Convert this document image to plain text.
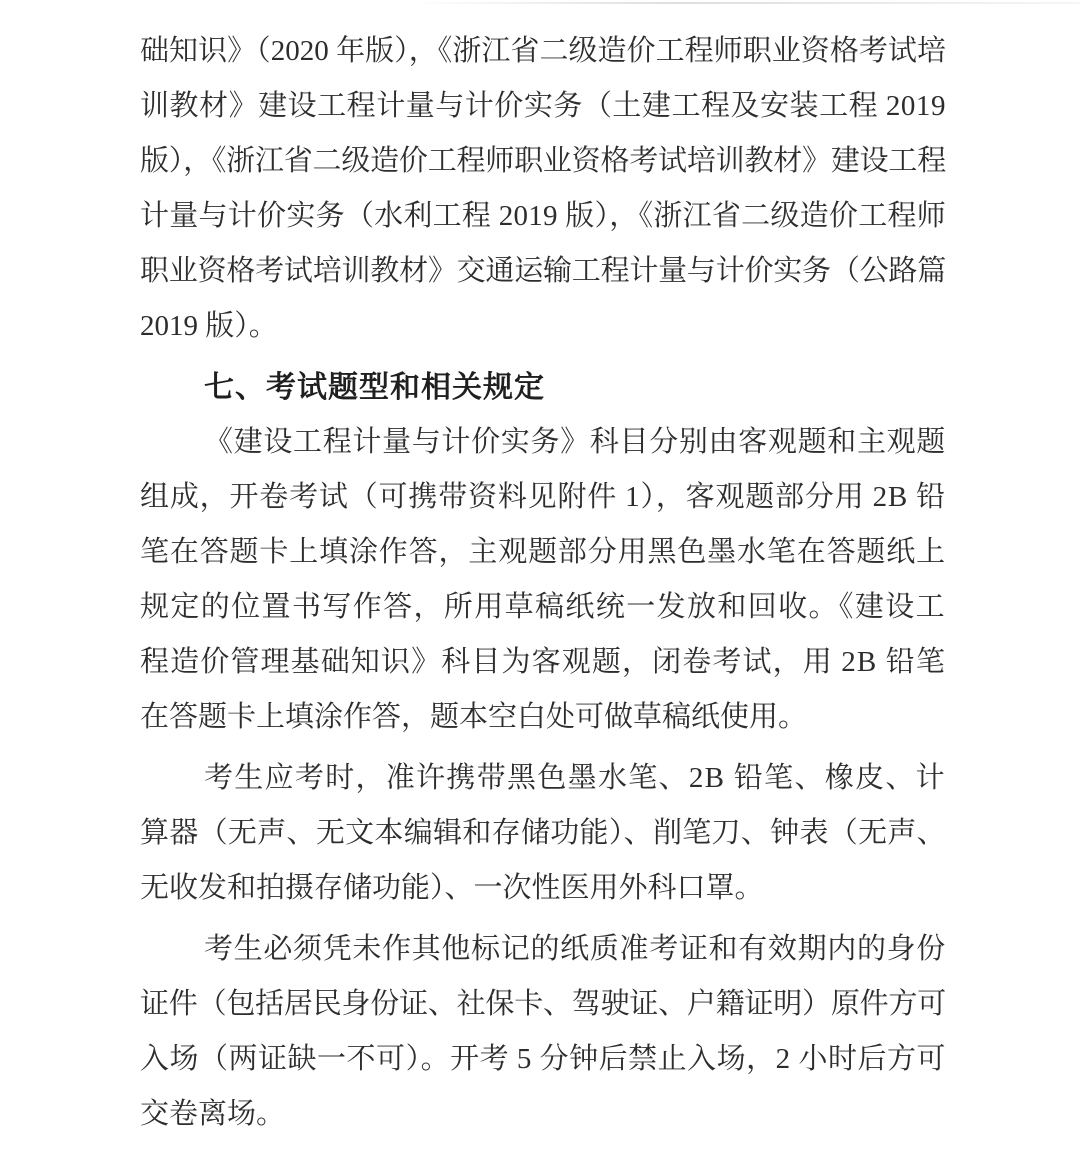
础知识》（2020 年版），《浙江省二级造价工程师职业资格考试培
训教材》建设工程计量与计价实务（土建工程及安装工程 2019
版），《浙江省二级造价工程师职业资格考试培训教材》建设工程
计量与计价实务（水利工程 2019 版），《浙江省二级造价工程师
职业资格考试培训教材》交通运输工程计量与计价实务（公路篇
2019 版）。
七、考试题型和相关规定
《建设工程计量与计价实务》科目分别由客观题和主观题
组成，开卷考试（可携带资料见附件 1），客观题部分用 2B 铅
笔在答题卡上填涂作答，主观题部分用黑色墨水笔在答题纸上
规定的位置书写作答，所用草稿纸统一发放和回收。《建设工
程造价管理基础知识》科目为客观题，闭卷考试，用 2B 铅笔
在答题卡上填涂作答，题本空白处可做草稿纸使用。
考生应考时，准许携带黑色墨水笔、2B 铅笔、橡皮、计
算器（无声、无文本编辑和存储功能）、削笔刀、钟表（无声、
无收发和拍摄存储功能）、一次性医用外科口罩。
考生必须凭未作其他标记的纸质准考证和有效期内的身份
证件（包括居民身份证、社保卡、驾驶证、户籍证明）原件方可
入场（两证缺一不可）。开考 5 分钟后禁止入场，2 小时后方可
交卷离场。
